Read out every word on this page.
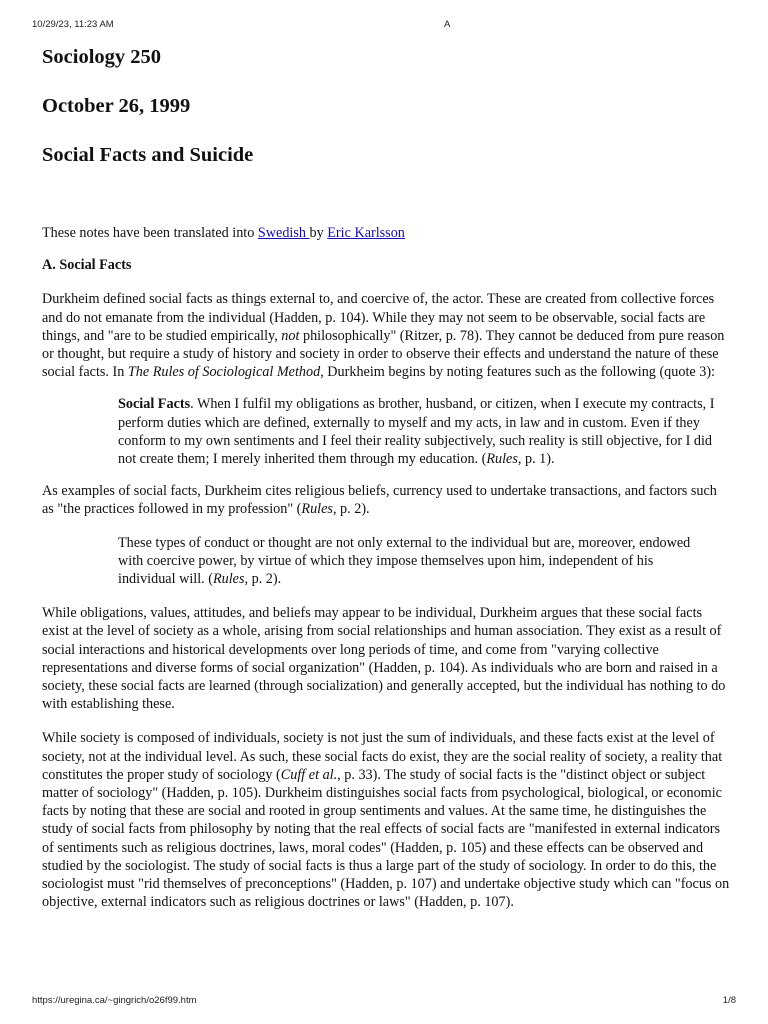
10/29/23, 11:23 AM	A
Sociology 250
October 26, 1999
Social Facts and Suicide

These notes have been translated into Swedish by Eric Karlsson

A. Social Facts

Durkheim defined social facts as things external to, and coercive of, the actor. These are created from collective forces and do not emanate from the individual (Hadden, p. 104). While they may not seem to be observable, social facts are things, and "are to be studied empirically, not philosophically" (Ritzer, p. 78). They cannot be deduced from pure reason or thought, but require a study of history and society in order to observe their effects and understand the nature of these social facts. In The Rules of Sociological Method, Durkheim begins by noting features such as the following (quote 3):

Social Facts. When I fulfil my obligations as brother, husband, or citizen, when I execute my contracts, I perform duties which are defined, externally to myself and my acts, in law and in custom. Even if they conform to my own sentiments and I feel their reality subjectively, such reality is still objective, for I did not create them; I merely inherited them through my education. (Rules, p. 1).

As examples of social facts, Durkheim cites religious beliefs, currency used to undertake transactions, and factors such as "the practices followed in my profession" (Rules, p. 2).

These types of conduct or thought are not only external to the individual but are, moreover, endowed with coercive power, by virtue of which they impose themselves upon him, independent of his individual will. (Rules, p. 2).

While obligations, values, attitudes, and beliefs may appear to be individual, Durkheim argues that these social facts exist at the level of society as a whole, arising from social relationships and human association. They exist as a result of social interactions and historical developments over long periods of time, and come from "varying collective representations and diverse forms of social organization" (Hadden, p. 104). As individuals who are born and raised in a society, these social facts are learned (through socialization) and generally accepted, but the individual has nothing to do with establishing these.

While society is composed of individuals, society is not just the sum of individuals, and these facts exist at the level of society, not at the individual level. As such, these social facts do exist, they are the social reality of society, a reality that constitutes the proper study of sociology (Cuff et al., p. 33). The study of social facts is the "distinct object or subject matter of sociology" (Hadden, p. 105). Durkheim distinguishes social facts from psychological, biological, or economic facts by noting that these are social and rooted in group sentiments and values. At the same time, he distinguishes the study of social facts from philosophy by noting that the real effects of social facts are "manifested in external indicators of sentiments such as religious doctrines, laws, moral codes" (Hadden, p. 105) and these effects can be observed and studied by the sociologist. The study of social facts is thus a large part of the study of sociology. In order to do this, the sociologist must "rid themselves of preconceptions" (Hadden, p. 107) and undertake objective study which can "focus on objective, external indicators such as religious doctrines or laws" (Hadden, p. 107).

https://uregina.ca/~gingrich/o26f99.htm	1/8
